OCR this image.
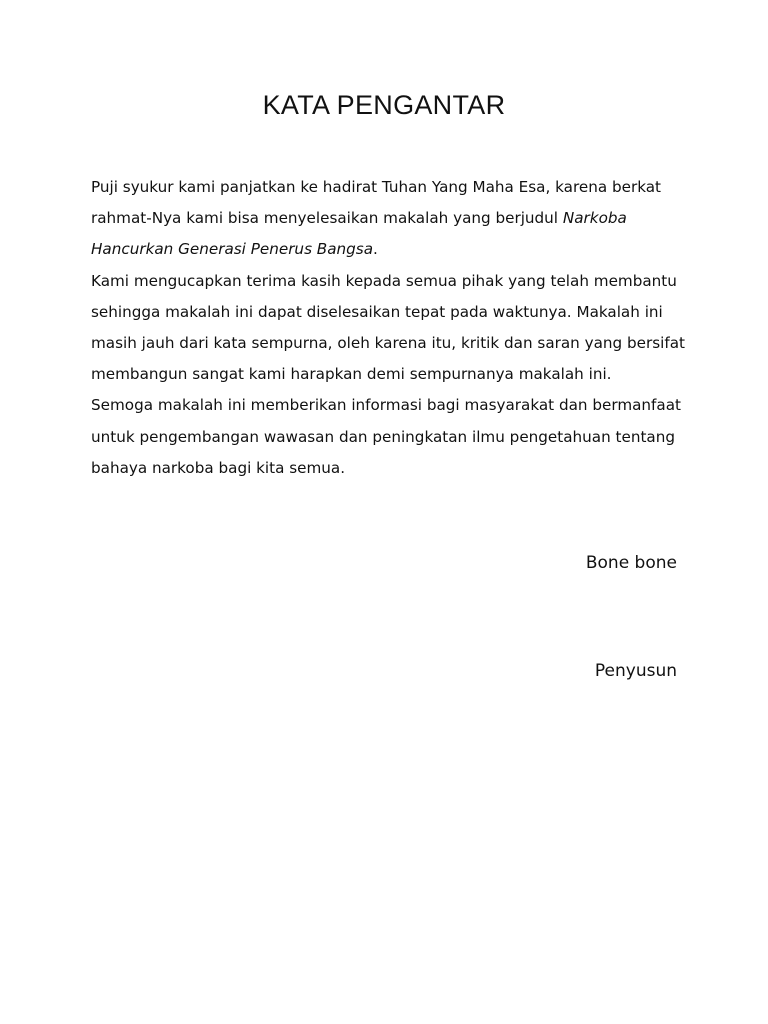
KATA PENGANTAR

Puji syukur kami panjatkan ke hadirat Tuhan Yang Maha Esa, karena berkat rahmat-Nya kami bisa menyelesaikan makalah yang berjudul Narkoba Hancurkan Generasi Penerus Bangsa.

Kami mengucapkan terima kasih kepada semua pihak yang telah membantu sehingga makalah ini dapat diselesaikan tepat pada waktunya. Makalah ini masih jauh dari kata sempurna, oleh karena itu, kritik dan saran yang bersifat membangun sangat kami harapkan demi sempurnanya makalah ini.

Semoga makalah ini memberikan informasi bagi masyarakat dan bermanfaat untuk pengembangan wawasan dan peningkatan ilmu pengetahuan tentang bahaya narkoba bagi kita semua.

Bone bone

Penyusun
